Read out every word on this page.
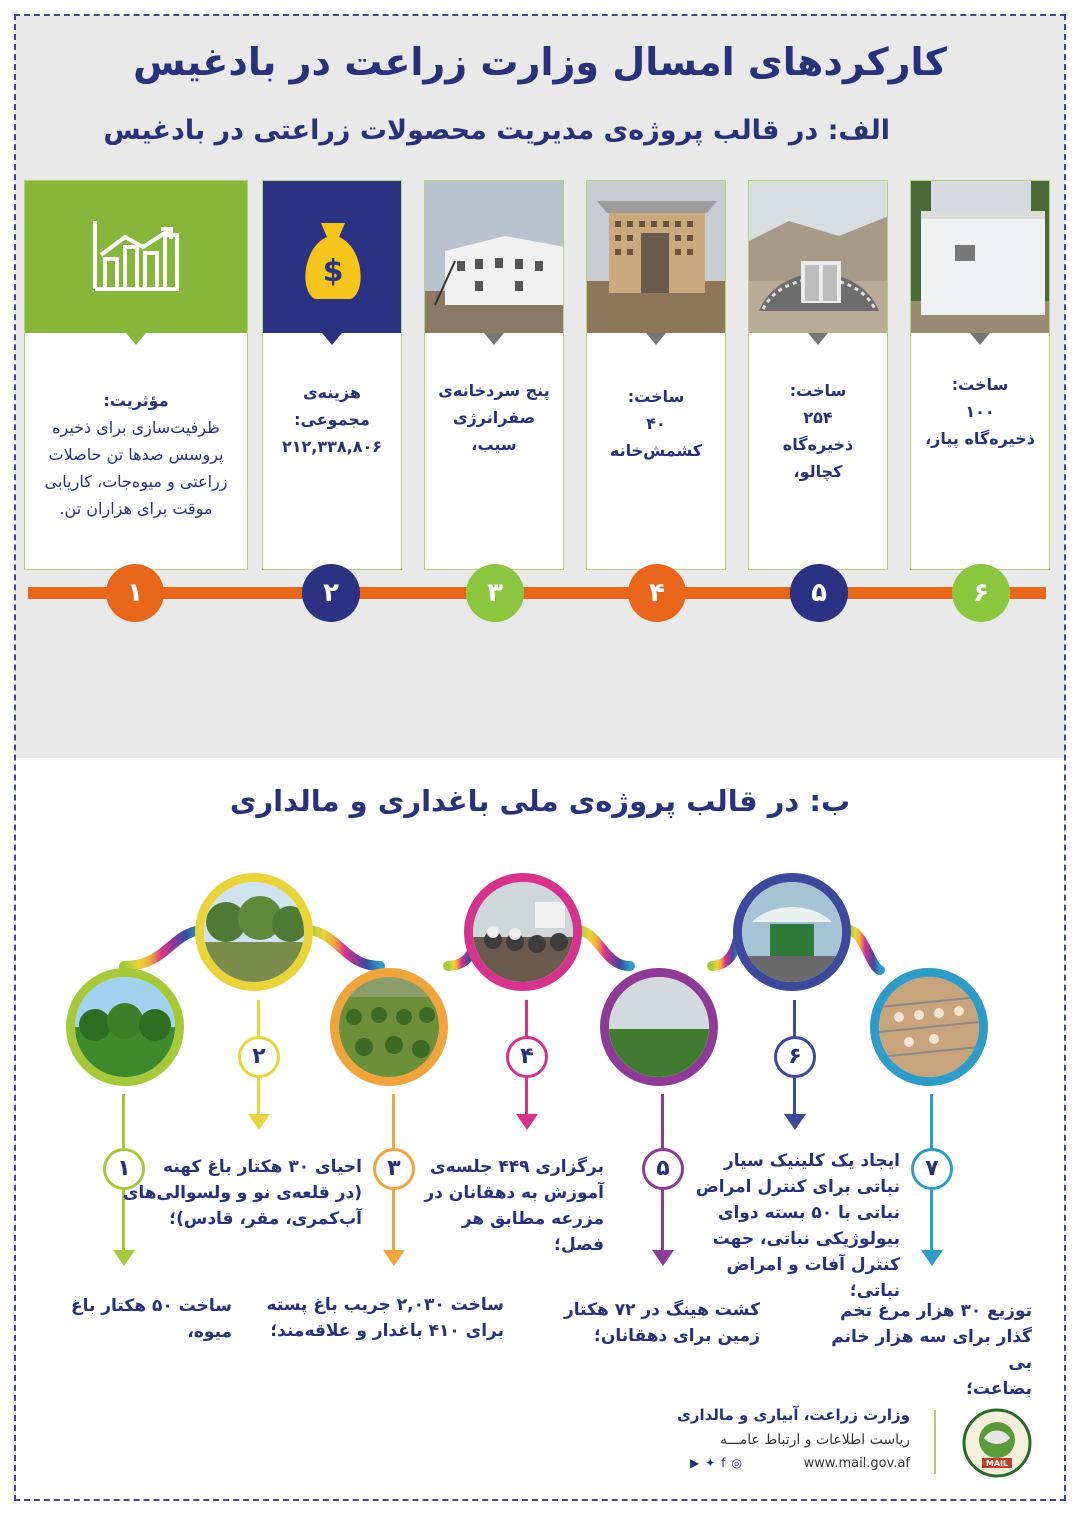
کارکردهای امسال وزارت زراعت در بادغیس
الف: در قالب پروژه‌ی مدیریت محصولات زراعتی در بادغیس
مؤثریت:
ظرفیت‌سازی برای ذخیره
پروسس صدها تن حاصلات
زراعتی و میوه‌جات، کاریابی
موقت برای هزاران تن.
$
هزینه‌ی مجموعی:
۲۱۲,۳۳۸,۸۰۶
پنج سردخانه‌ی
صفرانرژی سیب،
ساخت:
۴۰
کشمش‌خانه
ساخت:
۲۵۴
ذخیره‌گاه کچالو،
ساخت:
۱۰۰
ذخیره‌گاه پیاز،
۱	۲	۳	۴	۵	۶
ب: در قالب پروژه‌ی ملی باغداری و مالداری
۱
۲
۳
۴
۵
۶
۷
ساخت ۵۰ هکتار باغ میوه،
احیای ۳۰ هکتار باغ کهنه
(در قلعه‌ی نو و ولسوالی‌های
آب‌کمری، مقر، قادس)؛
ساخت ۲,۰۳۰ جریب باغ پسته
برای ۴۱۰ باغدار و علاقه‌مند؛
برگزاری ۴۴۹ جلسه‌ی
آموزش به دهقانان در
مزرعه مطابق هر فصل؛
کشت هینگ در ۷۲ هکتار
زمین برای دهقانان؛
ایجاد یک کلینیک سیار
نباتی برای کنترل امراض
نباتی با ۵۰ بسته دوای
بیولوژیکی نباتی، جهت
کنترل آفات و امراض نباتی؛
توزیع ۳۰ هزار مرغ تخم
گذار برای سه هزار خانم بی
بضاعت؛
وزارت زراعت، آبیاری و مالداری
ریاست اطلاعات و ارتباط عامـــه
www.mail.gov.af
▶✦f◎	MAIL
